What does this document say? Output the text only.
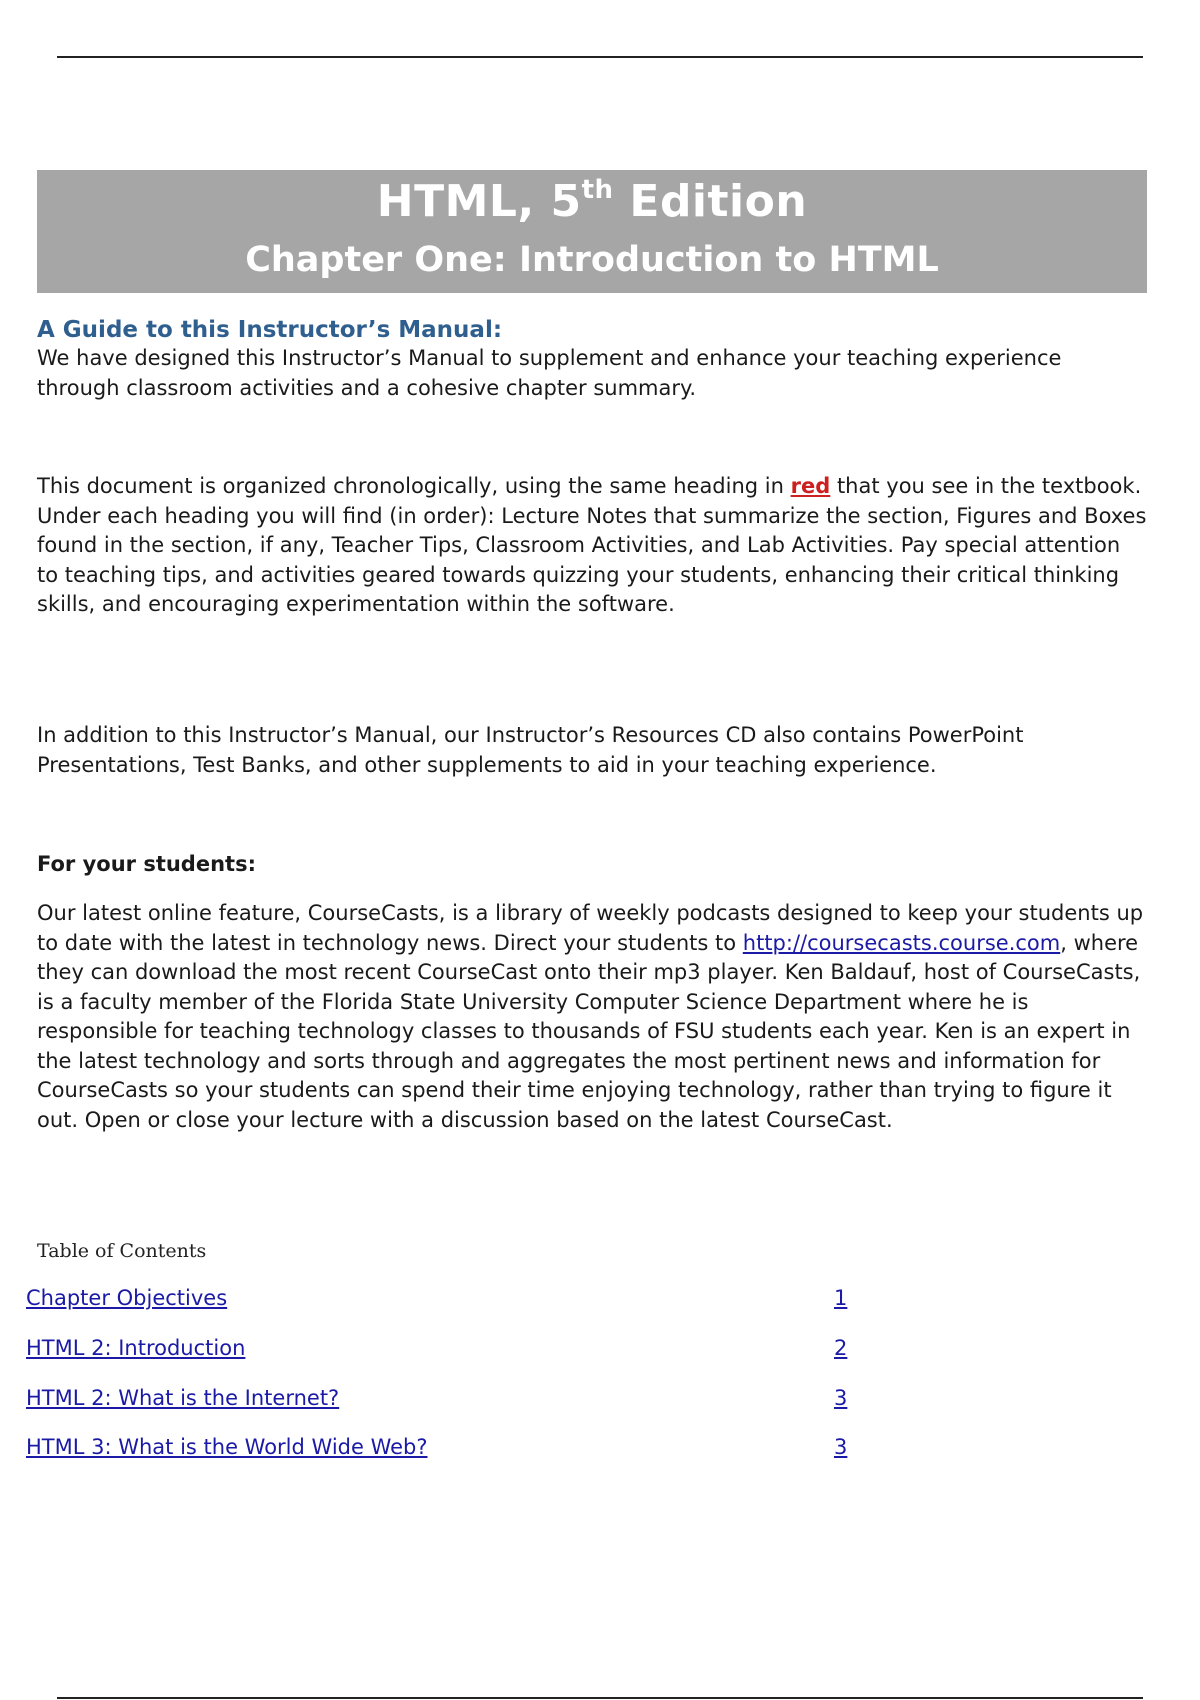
HTML, 5th Edition
Chapter One: Introduction to HTML
A Guide to this Instructor’s Manual:
We have designed this Instructor’s Manual to supplement and enhance your teaching experience through classroom activities and a cohesive chapter summary.
This document is organized chronologically, using the same heading in red that you see in the textbook. Under each heading you will find (in order): Lecture Notes that summarize the section, Figures and Boxes found in the section, if any, Teacher Tips, Classroom Activities, and Lab Activities. Pay special attention to teaching tips, and activities geared towards quizzing your students, enhancing their critical thinking skills, and encouraging experimentation within the software.
In addition to this Instructor’s Manual, our Instructor’s Resources CD also contains PowerPoint Presentations, Test Banks, and other supplements to aid in your teaching experience.
For your students:
Our latest online feature, CourseCasts, is a library of weekly podcasts designed to keep your students up to date with the latest in technology news. Direct your students to http://coursecasts.course.com, where they can download the most recent CourseCast onto their mp3 player. Ken Baldauf, host of CourseCasts, is a faculty member of the Florida State University Computer Science Department where he is responsible for teaching technology classes to thousands of FSU students each year. Ken is an expert in the latest technology and sorts through and aggregates the most pertinent news and information for CourseCasts so your students can spend their time enjoying technology, rather than trying to figure it out. Open or close your lecture with a discussion based on the latest CourseCast.
Table of Contents
Chapter Objectives	1
HTML 2: Introduction	2
HTML 2: What is the Internet?	3
HTML 3: What is the World Wide Web?	3
